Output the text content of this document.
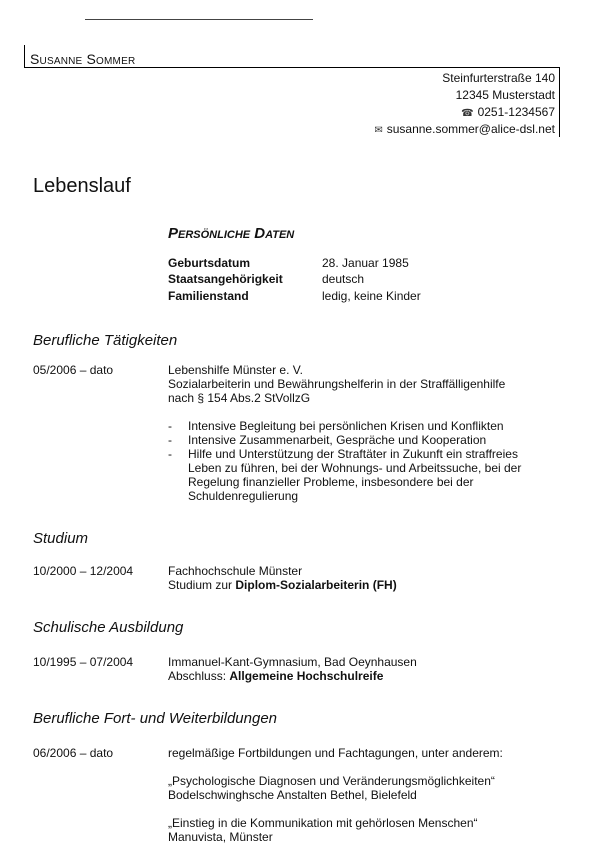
Susanne Sommer
Steinfurterstraße 140
12345 Musterstadt
☎ 0251-1234567
✉ susanne.sommer@alice-dsl.net
Lebenslauf
Persönliche Daten
Geburtsdatum	28. Januar 1985
Staatsangehörigkeit	deutsch
Familienstand	ledig, keine Kinder
Berufliche Tätigkeiten
05/2006 – dato	Lebenshilfe Münster e. V.
Sozialarbeiterin und Bewährungshelferin in der Straffälligenhilfe
nach § 154 Abs.2 StVollzG
- Intensive Begleitung bei persönlichen Krisen und Konflikten
- Intensive Zusammenarbeit, Gespräche und Kooperation
- Hilfe und Unterstützung der Straftäter in Zukunft ein straffreies
Leben zu führen, bei der Wohnungs- und Arbeitssuche, bei der
Regelung finanzieller Probleme, insbesondere bei der
Schuldenregulierung
Studium
10/2000 – 12/2004	Fachhochschule Münster
Studium zur Diplom-Sozialarbeiterin (FH)
Schulische Ausbildung
10/1995 – 07/2004	Immanuel-Kant-Gymnasium, Bad Oeynhausen
Abschluss: Allgemeine Hochschulreife
Berufliche Fort- und Weiterbildungen
06/2006 – dato	regelmäßige Fortbildungen und Fachtagungen, unter anderem:
„Psychologische Diagnosen und Veränderungsmöglichkeiten“
Bodelschwinghsche Anstalten Bethel, Bielefeld
„Einstieg in die Kommunikation mit gehörlosen Menschen“
Manuvista, Münster
